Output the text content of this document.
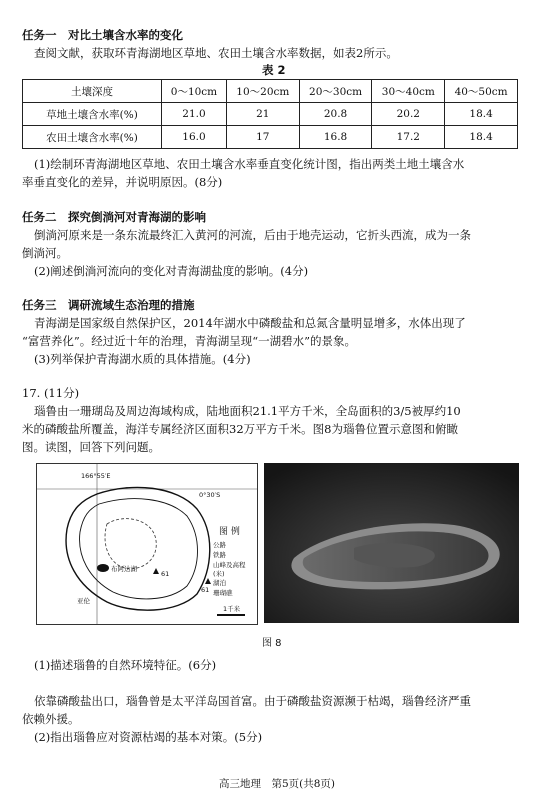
任务一　对比土壤含水率的变化
查阅文献，获取环青海湖地区草地、农田土壤含水率数据，如表2所示。
表 2
土壤深度	0～10cm	10～20cm	20～30cm	30～40cm	40～50cm
草地土壤含水率(%)	21.0	21	20.8	20.2	18.4
农田土壤含水率(%)	16.0	17	16.8	17.2	18.4
(1)绘制环青海湖地区草地、农田土壤含水率垂直变化统计图，指出两类土地土壤含水
率垂直变化的差异，并说明原因。(8分)
任务二　探究倒淌河对青海湖的影响
倒淌河原来是一条东流最终汇入黄河的河流，后由于地壳运动，它折头西流，成为一条
倒淌河。
(2)阐述倒淌河流向的变化对青海湖盐度的影响。(4分)
任务三　调研流域生态治理的措施
青海湖是国家级自然保护区，2014年湖水中磷酸盐和总氮含量明显增多，水体出现了
“富营养化”。经过近十年的治理，青海湖呈现“一湖碧水”的景象。
(3)列举保护青海湖水质的具体措施。(4分)
17. (11分)
瑙鲁由一珊瑚岛及周边海域构成，陆地面积21.1平方千米，全岛面积的3/5被厚约10
米的磷酸盐所覆盖，海洋专属经济区面积32万平方千米。图8为瑙鲁位置示意图和俯瞰
图。读图，回答下列问题。
166°55′E
0°30′S
布阿达湖
61
61
亚伦
图 例
公路
铁路
山峰及高程(米)
湖泊
珊瑚礁
1千米
图 8
(1)描述瑙鲁的自然环境特征。(6分)
依靠磷酸盐出口，瑙鲁曾是太平洋岛国首富。由于磷酸盐资源濒于枯竭，瑙鲁经济严重
依赖外援。
(2)指出瑙鲁应对资源枯竭的基本对策。(5分)
高三地理　第5页(共8页)
